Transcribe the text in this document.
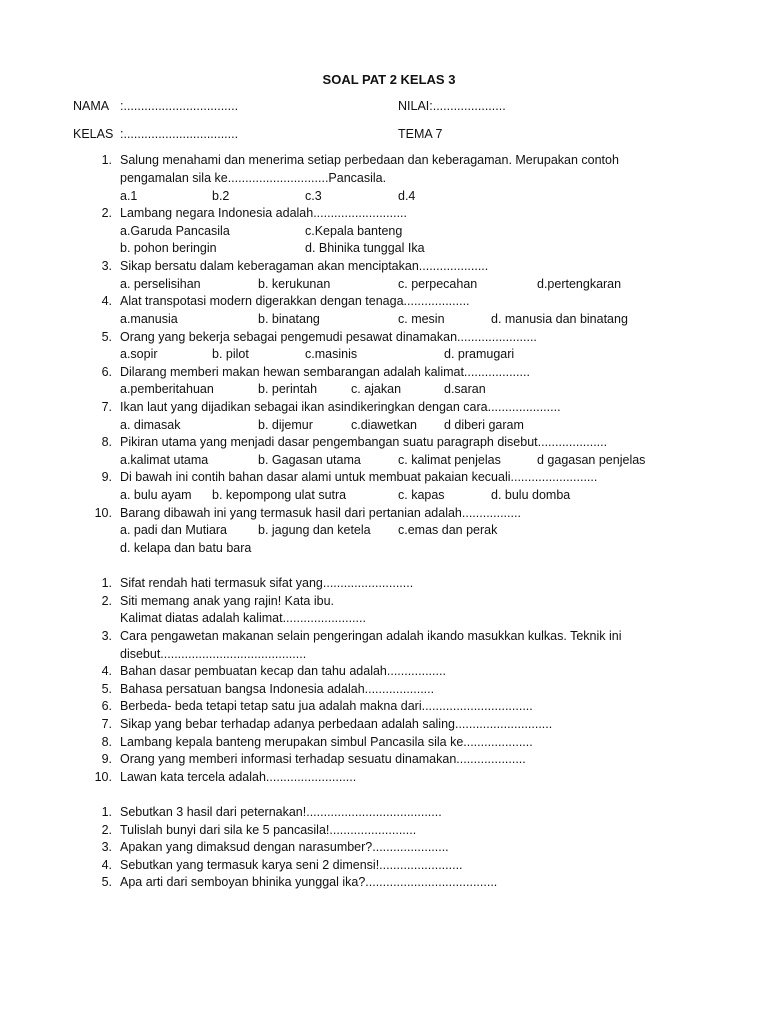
SOAL PAT 2 KELAS 3
NAMA :.................................	NILAI:.....................
KELAS :.................................	TEMA 7
1. Salung menahami dan menerima setiap perbedaan dan keberagaman. Merupakan contoh
pengamalan sila ke.............................Pancasila.
a.1	b.2	c.3	d.4
2. Lambang negara Indonesia adalah...........................
a.Garuda Pancasila	c.Kepala banteng
b. pohon beringin	d. Bhinika tunggal Ika
3. Sikap bersatu dalam keberagaman akan menciptakan....................
a. perselisihan	b. kerukunan	c. perpecahan	d.pertengkaran
4. Alat transpotasi modern digerakkan dengan tenaga...................
a.manusia	b. binatang	c. mesin	d. manusia dan binatang
5. Orang yang bekerja sebagai pengemudi pesawat dinamakan.......................
a.sopir	b. pilot	c.masinis	d. pramugari
6. Dilarang memberi makan hewan sembarangan adalah kalimat...................
a.pemberitahuan	b. perintah	c. ajakan	d.saran
7. Ikan laut yang dijadikan sebagai ikan asindikeringkan dengan cara.....................
a. dimasak	b. dijemur	c.diawetkan d diberi garam
8. Pikiran utama yang menjadi dasar pengembangan suatu paragraph disebut....................
a.kalimat utama	b. Gagasan utama	c. kalimat penjelas	d gagasan penjelas
9. Di bawah ini contih bahan dasar alami untuk membuat pakaian kecuali.........................
a. bulu ayam b. kepompong ulat sutra	c. kapas	d. bulu domba
10. Barang dibawah ini yang termasuk hasil dari pertanian adalah.................
a. padi dan Mutiara b. jagung dan ketela c.emas dan perak
d. kelapa dan batu bara
1. Sifat rendah hati termasuk sifat yang..........................
2. Siti memang anak yang rajin! Kata ibu.
Kalimat diatas adalah kalimat........................
3. Cara pengawetan makanan selain pengeringan adalah ikando masukkan kulkas. Teknik ini
disebut..........................................
4. Bahan dasar pembuatan kecap dan tahu adalah.................
5. Bahasa persatuan bangsa Indonesia adalah....................
6. Berbeda- beda tetapi tetap satu jua adalah makna dari................................
7. Sikap yang bebar terhadap adanya perbedaan adalah saling............................
8. Lambang kepala banteng merupakan simbul Pancasila sila ke....................
9. Orang yang memberi informasi terhadap sesuatu dinamakan....................
10. Lawan kata tercela adalah..........................
1. Sebutkan 3 hasil dari peternakan!.......................................
2. Tulislah bunyi dari sila ke 5 pancasila!.........................
3. Apakan yang dimaksud dengan narasumber?......................
4. Sebutkan yang termasuk karya seni 2 dimensi!........................
5. Apa arti dari semboyan bhinika yunggal ika?......................................
